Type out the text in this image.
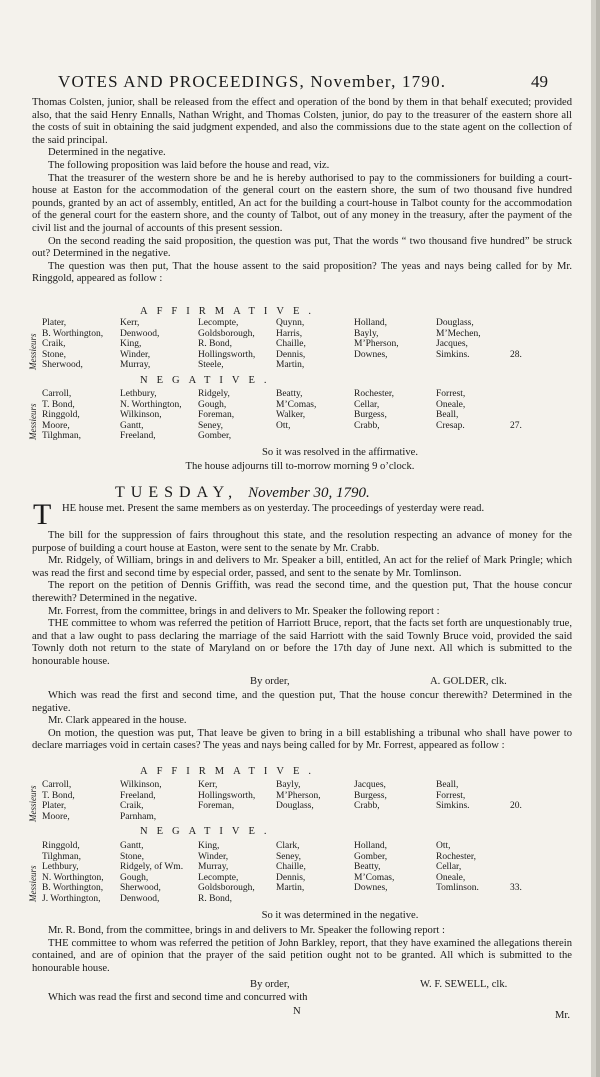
VOTES AND PROCEEDINGS, November, 1790.	49

Thomas Colsten, junior, shall be released from the effect and operation of the bond by them in that behalf executed; provided also, that the said Henry Ennalls, Nathan Wright, and Thomas Colsten, junior, do pay to the treasurer of the eastern shore all the costs of suit in obtaining the said judgment expended, and also the commissions due to the state agent on the collection of the said principal.

Determined in the negative.

The following proposition was laid before the house and read, viz.

That the treasurer of the western shore be and he is hereby authorised to pay to the commissioners for building a court-house at Easton for the accommodation of the general court on the eastern shore, the sum of two thousand five hundred pounds, granted by an act of assembly, entitled, An act for the building a court-house in Talbot county for the accommodation of the general court for the eastern shore, and the county of Talbot, out of any money in the treasury, after the payment of the civil list and the journal of accounts of this present session.

On the second reading the said proposition, the question was put, That the words “ two thousand five hundred” be struck out? Determined in the negative.

The question was then put, That the house assent to the said proposition? The yeas and nays being called for by Mr. Ringgold, appeared as follow :

AFFIRMATIVE.
Messieurs
Plater,	Kerr,	Lecompte,	Quynn,	Holland,	Douglass,
B. Worthington,	Denwood,	Goldsborough,	Harris,	Bayly,	M’Mechen,
Craik,	King,	R. Bond,	Chaille,	M’Pherson,	Jacques,
Stone,	Winder,	Hollingsworth,	Dennis,	Downes,	Simkins.	28.
Sherwood,	Murray,	Steele,	Martin,
NEGATIVE.
Messieurs
Carroll,	Lethbury,	Ridgely,	Beatty,	Rochester,	Forrest,
T. Bond,	N. Worthington,	Gough,	M’Comas,	Cellar,	Oneale,
Ringgold,	Wilkinson,	Foreman,	Walker,	Burgess,	Beall,
Moore,	Gantt,	Seney,	Ott,	Crabb,	Cresap.	27.
Tilghman,	Freeland,	Gomber,
So it was resolved in the affirmative.
The house adjourns till to-morrow morning 9 o’clock.
TUESDAY, November 30, 1790.
T HE house met. Present the same members as on yesterday. The proceedings of yesterday were read.

The bill for the suppression of fairs throughout this state, and the resolution respecting an advance of money for the purpose of building a court house at Easton, were sent to the senate by Mr. Crabb.

Mr. Ridgely, of William, brings in and delivers to Mr. Speaker a bill, entitled, An act for the relief of Mark Pringle; which was read the first and second time by especial order, passed, and sent to the senate by Mr. Tomlinson.

The report on the petition of Dennis Griffith, was read the second time, and the question put, That the house concur therewith? Determined in the negative.

Mr. Forrest, from the committee, brings in and delivers to Mr. Speaker the following report :

THE committee to whom was referred the petition of Harriott Bruce, report, that the facts set forth are unquestionably true, and that a law ought to pass declaring the marriage of the said Harriott with the said Townly Bruce void, provided the said Townly doth not return to the state of Maryland on or before the 17th day of June next. All which is submitted to the honourable house.

By order,	A. GOLDER, clk.

Which was read the first and second time, and the question put, That the house concur therewith? Determined in the negative.

Mr. Clark appeared in the house.

On motion, the question was put, That leave be given to bring in a bill establishing a tribunal who shall have power to declare marriages void in certain cases? The yeas and nays being called for by Mr. Forrest, appeared as follow :

AFFIRMATIVE.
Messieurs
Carroll,	Wilkinson,	Kerr,	Bayly,	Jacques,	Beall,
T. Bond,	Freeland,	Hollingsworth,	M’Pherson,	Burgess,	Forrest,
Plater,	Craik,	Foreman,	Douglass,	Crabb,	Simkins.	20.
Moore,	Parnham,
NEGATIVE.
Messieurs
Ringgold,	Gantt,	King,	Clark,	Holland,	Ott,
Tilghman,	Stone,	Winder,	Seney,	Gomber,	Rochester,
Lethbury,	Ridgely, of Wm.	Murray,	Chaille,	Beatty,	Cellar,
N. Worthington,	Gough,	Lecompte,	Dennis,	M’Comas,	Oneale,
B. Worthington,	Sherwood,	Goldsborough,	Martin,	Downes,	Tomlinson.	33.
J. Worthington,	Denwood,	R. Bond,
So it was determined in the negative.

Mr. R. Bond, from the committee, brings in and delivers to Mr. Speaker the following report :

THE committee to whom was referred the petition of John Barkley, report, that they have examined the allegations therein contained, and are of opinion that the prayer of the said petition ought not to be granted. All which is submitted to the honourable house.

By order,	W. F. SEWELL, clk.
Which was read the first and second time and concurred with
N	Mr.
